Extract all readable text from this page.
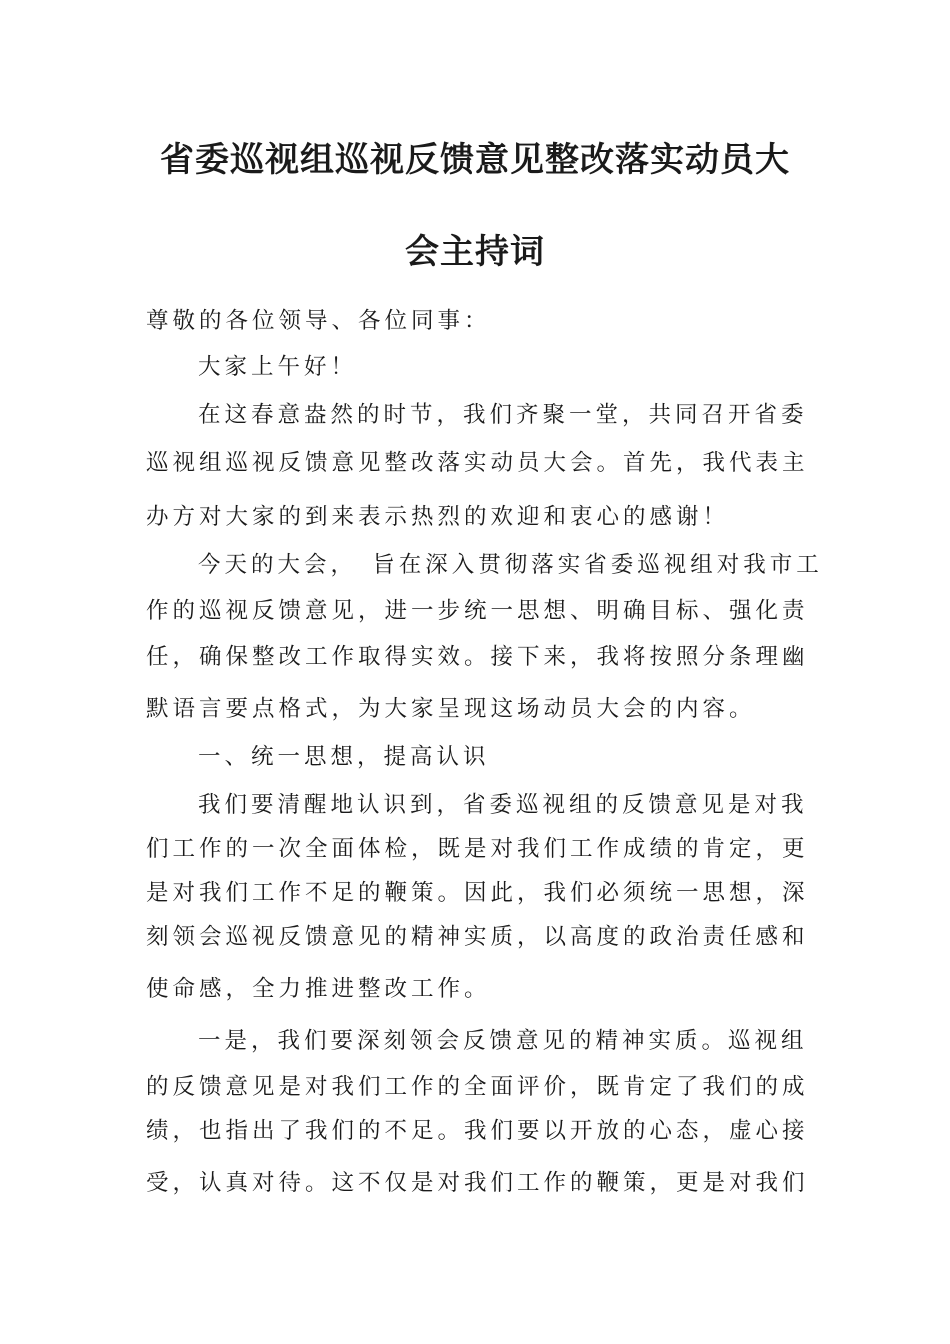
省委巡视组巡视反馈意见整改落实动员大
会主持词
尊敬的各位领导、各位同事：
大家上午好！
在这春意盎然的时节，我们齐聚一堂，共同召开省委
巡视组巡视反馈意见整改落实动员大会。首先，我代表主
办方对大家的到来表示热烈的欢迎和衷心的感谢！
今天的大会，　旨在深入贯彻落实省委巡视组对我市工
作的巡视反馈意见，进一步统一思想、明确目标、强化责
任，确保整改工作取得实效。接下来，我将按照分条理幽
默语言要点格式，为大家呈现这场动员大会的内容。
一、统一思想，提高认识
我们要清醒地认识到，省委巡视组的反馈意见是对我
们工作的一次全面体检，既是对我们工作成绩的肯定，更
是对我们工作不足的鞭策。因此，我们必须统一思想，深
刻领会巡视反馈意见的精神实质，以高度的政治责任感和
使命感，全力推进整改工作。
一是，我们要深刻领会反馈意见的精神实质。巡视组
的反馈意见是对我们工作的全面评价，既肯定了我们的成
绩，也指出了我们的不足。我们要以开放的心态，虚心接
受，认真对待。这不仅是对我们工作的鞭策，更是对我们
